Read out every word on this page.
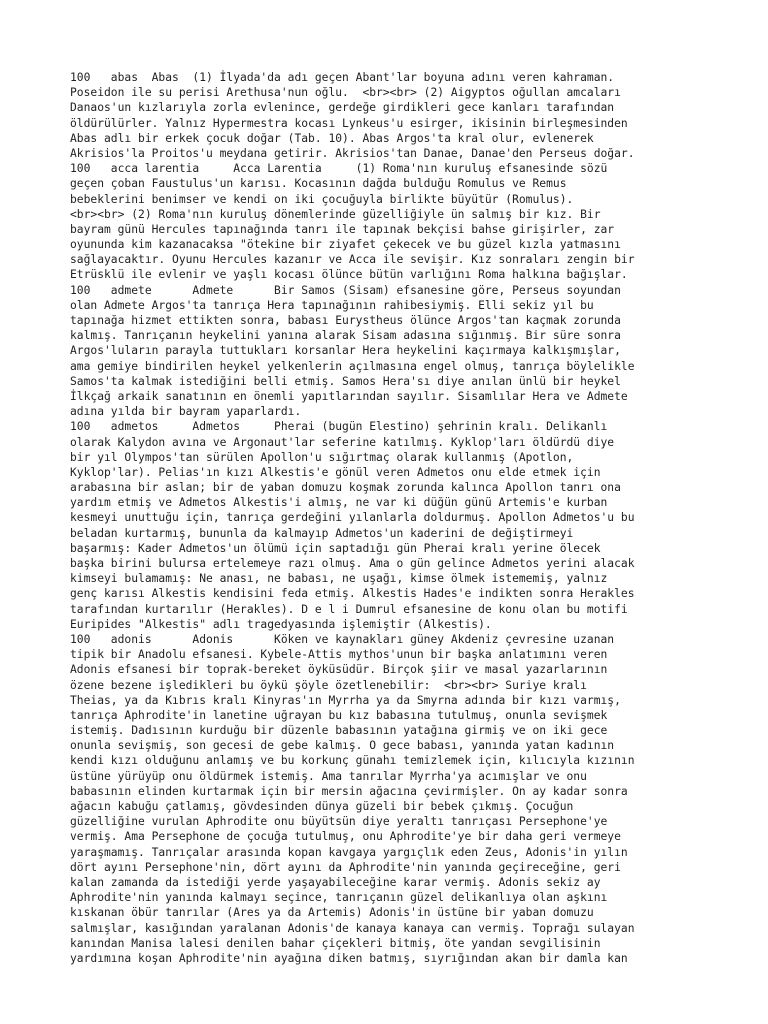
100   abas  Abas  (1) İlyada'da adı geçen Abant'lar boyuna adını veren kahraman.
Poseidon ile su perisi Arethusa'nun oğlu.  <br><br> (2) Aigyptos oğullan amcaları
Danaos'un kızlarıyla zorla evlenince, gerdeğe girdikleri gece kanları tarafından
öldürülürler. Yalnız Hypermestra kocası Lynkeus'u esirger, ikisinin birleşmesinden
Abas adlı bir erkek çocuk doğar (Tab. 10). Abas Argos'ta kral olur, evlenerek
Akrisios'la Proitos'u meydana getirir. Akrisios'tan Danae, Danae'den Perseus doğar.
100   acca larentia     Acca Larentia     (1) Roma'nın kuruluş efsanesinde sözü
geçen çoban Faustulus'un karısı. Kocasının dağda bulduğu Romulus ve Remus
bebeklerini benimser ve kendi on iki çocuğuyla birlikte büyütür (Romulus).
<br><br> (2) Roma'nın kuruluş dönemlerinde güzelliğiyle ün salmış bir kız. Bir
bayram günü Hercules tapınağında tanrı ile tapınak bekçisi bahse girişirler, zar
oyununda kim kazanacaksa "ötekine bir ziyafet çekecek ve bu güzel kızla yatmasını
sağlayacaktır. Oyunu Hercules kazanır ve Acca ile sevişir. Kız sonraları zengin bir
Etrüsklü ile evlenir ve yaşlı kocası ölünce bütün varlığını Roma halkına bağışlar.
100   admete      Admete      Bir Samos (Sisam) efsanesine göre, Perseus soyundan
olan Admete Argos'ta tanrıça Hera tapınağının rahibesiymiş. Elli sekiz yıl bu
tapınağa hizmet ettikten sonra, babası Eurystheus ölünce Argos'tan kaçmak zorunda
kalmış. Tanrıçanın heykelini yanına alarak Sisam adasına sığınmış. Bir süre sonra
Argos'luların parayla tuttukları korsanlar Hera heykelini kaçırmaya kalkışmışlar,
ama gemiye bindirilen heykel yelkenlerin açılmasına engel olmuş, tanrıça böylelikle
Samos'ta kalmak istediğini belli etmiş. Samos Hera'sı diye anılan ünlü bir heykel
İlkçağ arkaik sanatının en önemli yapıtlarından sayılır. Sisamlılar Hera ve Admete
adına yılda bir bayram yaparlardı.
100   admetos     Admetos     Pherai (bugün Elestino) şehrinin kralı. Delikanlı
olarak Kalydon avına ve Argonaut'lar seferine katılmış. Kyklop'ları öldürdü diye
bir yıl Olympos'tan sürülen Apollon'u sığırtmaç olarak kullanmış (Apotlon,
Kyklop'lar). Pelias'ın kızı Alkestis'e gönül veren Admetos onu elde etmek için
arabasına bir aslan; bir de yaban domuzu koşmak zorunda kalınca Apollon tanrı ona
yardım etmiş ve Admetos Alkestis'i almış, ne var ki düğün günü Artemis'e kurban
kesmeyi unuttuğu için, tanrıça gerdeğini yılanlarla doldurmuş. Apollon Admetos'u bu
beladan kurtarmış, bununla da kalmayıp Admetos'un kaderini de değiştirmeyi
başarmış: Kader Admetos'un ölümü için saptadığı gün Pherai kralı yerine ölecek
başka birini bulursa ertelemeye razı olmuş. Ama o gün gelince Admetos yerini alacak
kimseyi bulamamış: Ne anası, ne babası, ne uşağı, kimse ölmek istememiş, yalnız
genç karısı Alkestis kendisini feda etmiş. Alkestis Hades'e indikten sonra Herakles
tarafından kurtarılır (Herakles). D e l i Dumrul efsanesine de konu olan bu motifi
Euripides "Alkestis" adlı tragedyasında işlemiştir (Alkestis).
100   adonis      Adonis      Köken ve kaynakları güney Akdeniz çevresine uzanan
tipik bir Anadolu efsanesi. Kybele-Attis mythos'unun bir başka anlatımını veren
Adonis efsanesi bir toprak-bereket öyküsüdür. Birçok şiir ve masal yazarlarının
özene bezene işledikleri bu öykü şöyle özetlenebilir:  <br><br> Suriye kralı
Theias, ya da Kıbrıs kralı Kinyras'ın Myrrha ya da Smyrna adında bir kızı varmış,
tanrıça Aphrodite'in lanetine uğrayan bu kız babasına tutulmuş, onunla sevişmek
istemiş. Dadısının kurduğu bir düzenle babasının yatağına girmiş ve on iki gece
onunla sevişmiş, son gecesi de gebe kalmış. O gece babası, yanında yatan kadının
kendi kızı olduğunu anlamış ve bu korkunç günahı temizlemek için, kılıcıyla kızının
üstüne yürüyüp onu öldürmek istemiş. Ama tanrılar Myrrha'ya acımışlar ve onu
babasının elinden kurtarmak için bir mersin ağacına çevirmişler. On ay kadar sonra
ağacın kabuğu çatlamış, gövdesinden dünya güzeli bir bebek çıkmış. Çocuğun
güzelliğine vurulan Aphrodite onu büyütsün diye yeraltı tanrıçası Persephone'ye
vermiş. Ama Persephone de çocuğa tutulmuş, onu Aphrodite'ye bir daha geri vermeye
yaraşmamış. Tanrıçalar arasında kopan kavgaya yargıçlık eden Zeus, Adonis'in yılın
dört ayını Persephone'nin, dört ayını da Aphrodite'nin yanında geçireceğine, geri
kalan zamanda da istediği yerde yaşayabileceğine karar vermiş. Adonis sekiz ay
Aphrodite'nin yanında kalmayı seçince, tanrıçanın güzel delikanlıya olan aşkını
kıskanan öbür tanrılar (Ares ya da Artemis) Adonis'in üstüne bir yaban domuzu
salmışlar, kasığından yaralanan Adonis'de kanaya kanaya can vermiş. Toprağı sulayan
kanından Manisa lalesi denilen bahar çiçekleri bitmiş, öte yandan sevgilisinin
yardımına koşan Aphrodite'nin ayağına diken batmış, sıyrığından akan bir damla kan
